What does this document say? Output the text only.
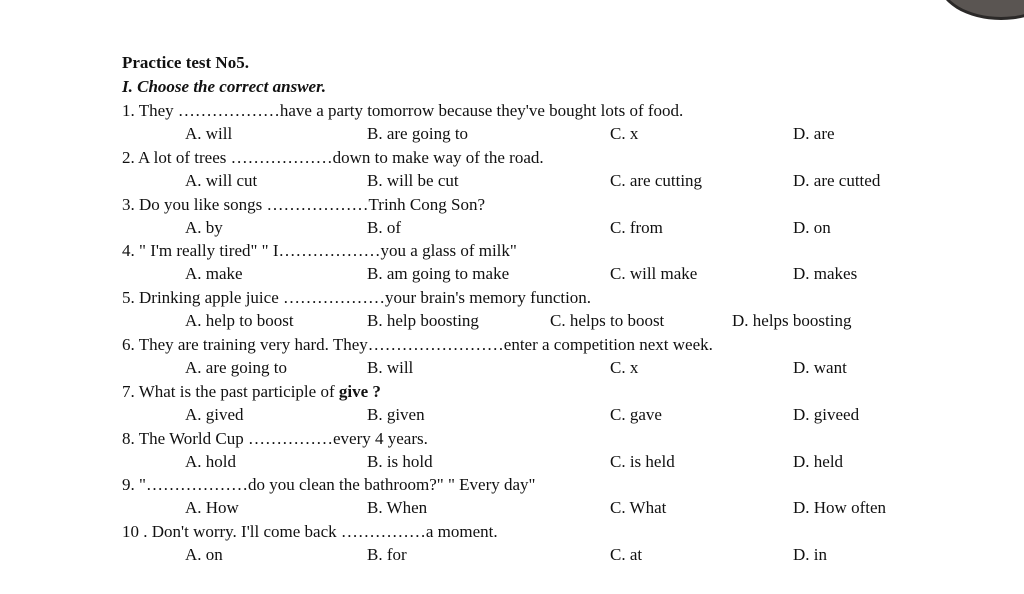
Practice test No5.
I. Choose the correct answer.
1. They ………………have a party tomorrow because they've bought lots of food.
A. will	B. are going to	C. x	D. are
2. A lot of trees ………………down to make way of the road.
A. will cut	B. will be cut	C. are cutting	D. are cutted
3. Do you like songs ………………Trinh Cong Son?
A. by	B. of	C. from	D. on
4. " I'm really tired" " I………………you a glass of milk"
A. make	B. am going to make	C. will make	D. makes
5. Drinking apple juice ………………your brain's memory function.
A. help to boost	B. help boosting	C. helps to boost	D. helps boosting
6. They are training very hard. They……………………enter a competition next week.
A. are going to	B. will	C. x	D. want
7. What is the past participle of give ?
A. gived	B. given	C. gave	D. giveed
8. The World Cup ……………every 4 years.
A. hold	B. is hold	C. is held	D. held
9. "………………do you clean the bathroom?" " Every day"
A. How	B. When	C. What	D. How often
10 . Don't worry. I'll come back ……………a moment.
A. on	B. for	C. at	D. in
